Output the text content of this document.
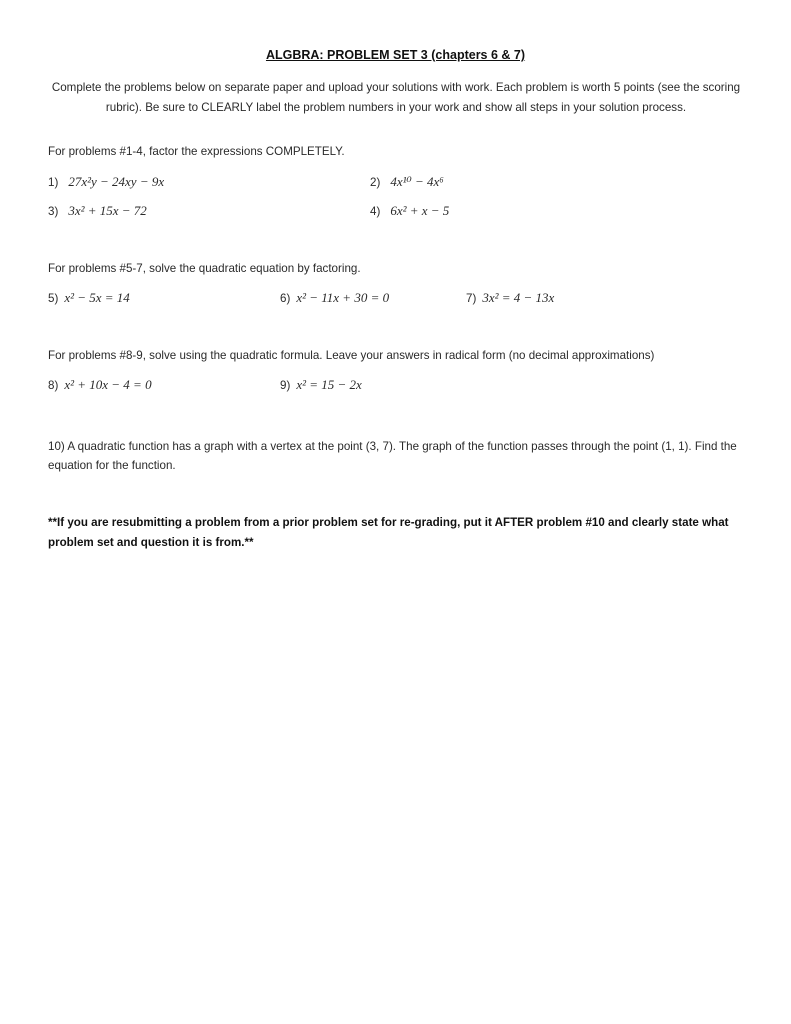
ALGBRA: PROBLEM SET 3 (chapters 6 & 7)
Complete the problems below on separate paper and upload your solutions with work. Each problem is worth 5 points (see the scoring rubric). Be sure to CLEARLY label the problem numbers in your work and show all steps in your solution process.
For problems #1-4, factor the expressions COMPLETELY.
1) 27x²y − 24xy − 9x	2) 4x¹⁰ − 4x⁶
3) 3x² + 15x − 72	4) 6x² + x − 5
For problems #5-7, solve the quadratic equation by factoring.
5) x² − 5x = 14	6) x² − 11x + 30 = 0	7) 3x² = 4 − 13x
For problems #8-9, solve using the quadratic formula. Leave your answers in radical form (no decimal approximations)
8) x² + 10x − 4 = 0	9) x² = 15 − 2x
10) A quadratic function has a graph with a vertex at the point (3, 7). The graph of the function passes through the point (1, 1). Find the equation for the function.
**If you are resubmitting a problem from a prior problem set for re-grading, put it AFTER problem #10 and clearly state what problem set and question it is from.**
